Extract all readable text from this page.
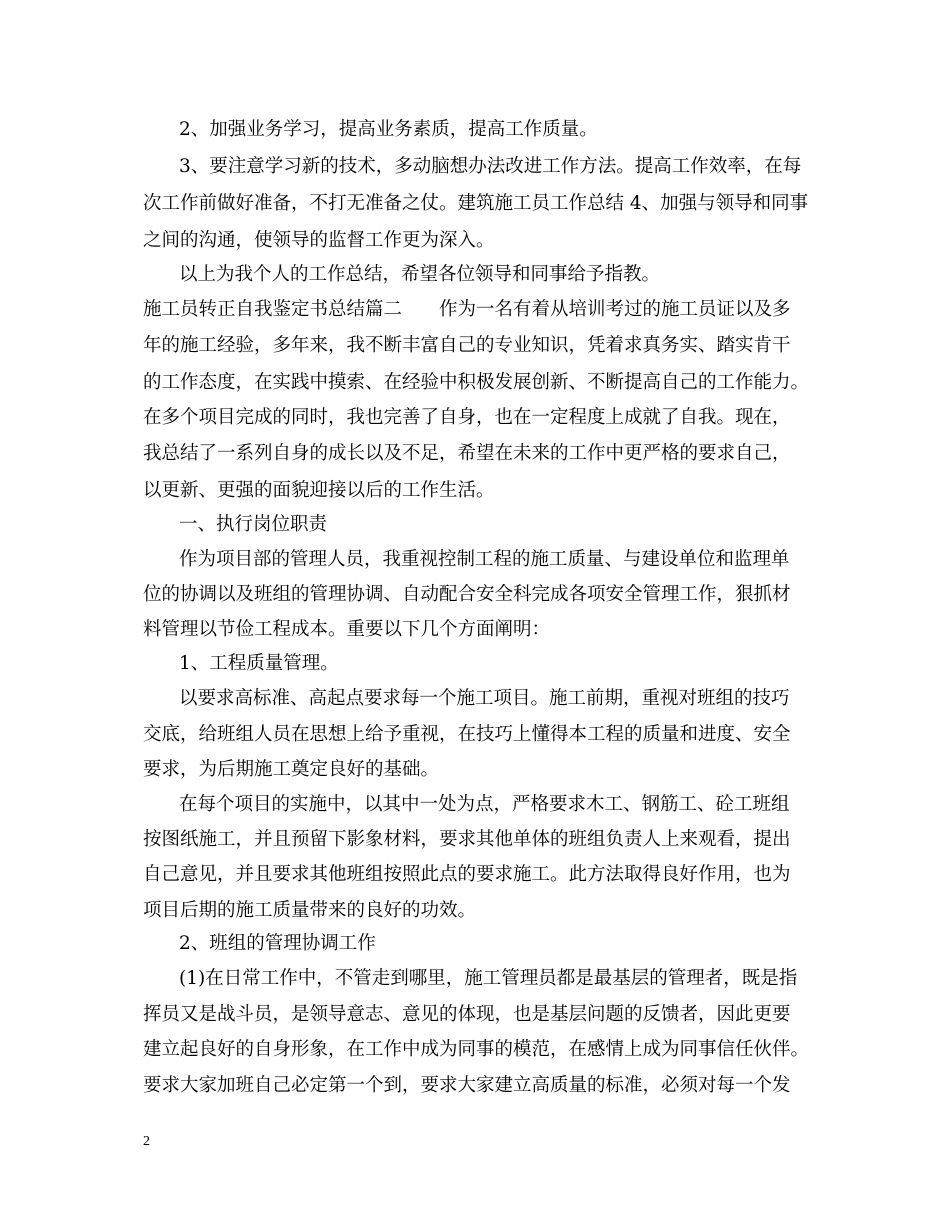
2、加强业务学习，提高业务素质，提高工作质量。
3、要注意学习新的技术，多动脑想办法改进工作方法。提高工作效率，在每
次工作前做好准备，不打无准备之仗。建筑施工员工作总结 4、加强与领导和同事
之间的沟通，使领导的监督工作更为深入。
以上为我个人的工作总结，希望各位领导和同事给予指教。
施工员转正自我鉴定书总结篇二　　作为一名有着从培训考过的施工员证以及多
年的施工经验，多年来，我不断丰富自己的专业知识，凭着求真务实、踏实肯干
的工作态度，在实践中摸索、在经验中积极发展创新、不断提高自己的工作能力。
在多个项目完成的同时，我也完善了自身，也在一定程度上成就了自我。现在，
我总结了一系列自身的成长以及不足，希望在未来的工作中更严格的要求自己，
以更新、更强的面貌迎接以后的工作生活。
一、执行岗位职责
作为项目部的管理人员，我重视控制工程的施工质量、与建设单位和监理单
位的协调以及班组的管理协调、自动配合安全科完成各项安全管理工作，狠抓材
料管理以节俭工程成本。重要以下几个方面阐明：
1、工程质量管理。
以要求高标准、高起点要求每一个施工项目。施工前期，重视对班组的技巧
交底，给班组人员在思想上给予重视，在技巧上懂得本工程的质量和进度、安全
要求，为后期施工奠定良好的基础。
在每个项目的实施中，以其中一处为点，严格要求木工、钢筋工、砼工班组
按图纸施工，并且预留下影象材料，要求其他单体的班组负责人上来观看，提出
自己意见，并且要求其他班组按照此点的要求施工。此方法取得良好作用，也为
项目后期的施工质量带来的良好的功效。
2、班组的管理协调工作
(1)在日常工作中，不管走到哪里，施工管理员都是最基层的管理者，既是指
挥员又是战斗员，是领导意志、意见的体现，也是基层问题的反馈者，因此更要
建立起良好的自身形象，在工作中成为同事的模范，在感情上成为同事信任伙伴。
要求大家加班自己必定第一个到，要求大家建立高质量的标准，必须对每一个发
2
